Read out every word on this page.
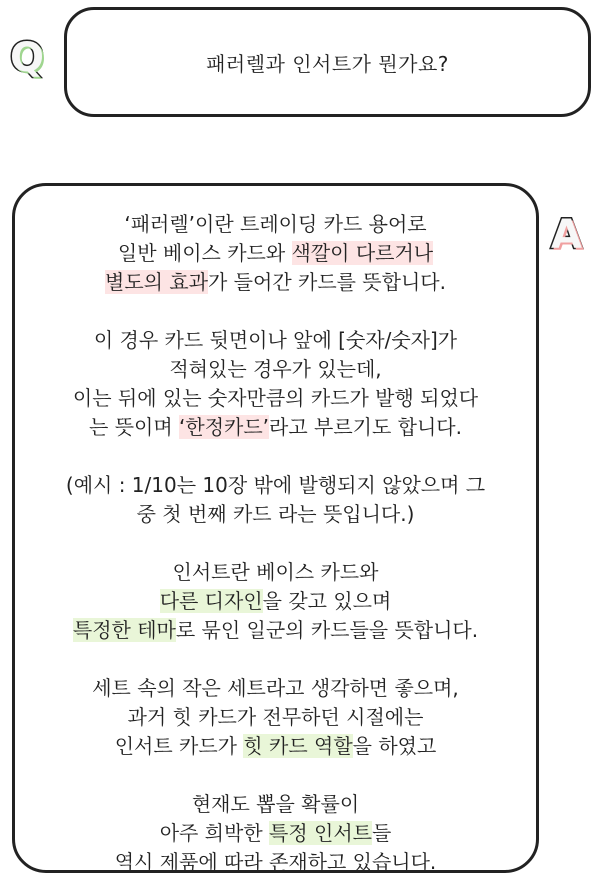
Q	패러렐과 인서트가 뭔가요?
A
‘패러렐’이란 트레이딩 카드 용어로
일반 베이스 카드와 색깔이 다르거나
별도의 효과가 들어간 카드를 뜻합니다.
이 경우 카드 뒷면이나 앞에 [숫자/숫자]가
적혀있는 경우가 있는데,
이는 뒤에 있는 숫자만큼의 카드가 발행 되었다
는 뜻이며 ‘한정카드’라고 부르기도 합니다.
(예시 : 1/10는 10장 밖에 발행되지 않았으며 그
중 첫 번째 카드 라는 뜻입니다.)
인서트란 베이스 카드와
다른 디자인을 갖고 있으며
특정한 테마로 묶인 일군의 카드들을 뜻합니다.
세트 속의 작은 세트라고 생각하면 좋으며,
과거 힛 카드가 전무하던 시절에는
인서트 카드가 힛 카드 역할을 하였고
현재도 뽑을 확률이
아주 희박한 특정 인서트들
역시 제품에 따라 존재하고 있습니다.
